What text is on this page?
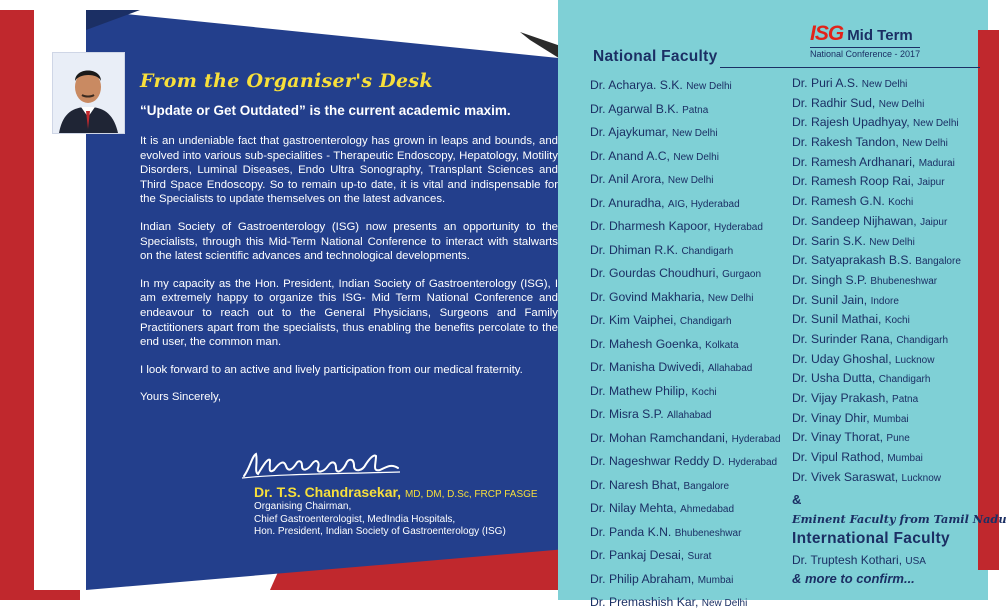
From the Organiser's Desk
“Update or Get Outdated” is the current academic maxim.

It is an undeniable fact that gastroenterology has grown in leaps and bounds, and evolved into various sub-specialities - Therapeutic Endoscopy, Hepatology, Motility Disorders, Luminal Diseases, Endo Ultra Sonography, Transplant Sciences and Third Space Endoscopy. So to remain up-to date, it is vital and indispensable for the Specialists to update themselves on the latest advances.

Indian Society of Gastroenterology (ISG) now presents an opportunity to the Specialists, through this Mid-Term National Conference to interact with stalwarts on the latest scientific advances and technological developments.

In my capacity as the Hon. President, Indian Society of Gastroenterology (ISG), I am extremely happy to organize this ISG- Mid Term National Conference and endeavour to reach out to the General Physicians, Surgeons and Family Practitioners apart from the specialists, thus enabling the benefits percolate to the end user, the common man.

I look forward to an active and lively participation from our medical fraternity.

Yours Sincerely,

Dr. T.S. Chandrasekar, MD, DM, D.Sc, FRCP FASGE
Organising Chairman,
Chief Gastroenterologist, MedIndia Hospitals,
Hon. President, Indian Society of Gastroenterology (ISG)
ISG Mid Term
National Conference - 2017
National Faculty
Dr. Acharya. S.K. New Delhi
Dr. Agarwal B.K. Patna
Dr. Ajaykumar, New Delhi
Dr. Anand A.C, New Delhi
Dr. Anil Arora, New Delhi
Dr. Anuradha, AIG, Hyderabad
Dr. Dharmesh Kapoor, Hyderabad
Dr. Dhiman R.K. Chandigarh
Dr. Gourdas Choudhuri, Gurgaon
Dr. Govind Makharia, New Delhi
Dr. Kim Vaiphei, Chandigarh
Dr. Mahesh Goenka, Kolkata
Dr. Manisha Dwivedi, Allahabad
Dr. Mathew Philip, Kochi
Dr. Misra S.P. Allahabad
Dr. Mohan Ramchandani, Hyderabad
Dr. Nageshwar Reddy D. Hyderabad
Dr. Naresh Bhat, Bangalore
Dr. Nilay Mehta, Ahmedabad
Dr. Panda K.N. Bhubeneshwar
Dr. Pankaj Desai, Surat
Dr. Philip Abraham, Mumbai
Dr. Premashish Kar, New Delhi
Dr. Puri A.S. New Delhi
Dr. Radhir Sud, New Delhi
Dr. Rajesh Upadhyay, New Delhi
Dr. Rakesh Tandon, New Delhi
Dr. Ramesh Ardhanari, Madurai
Dr. Ramesh Roop Rai, Jaipur
Dr. Ramesh G.N. Kochi
Dr. Sandeep Nijhawan, Jaipur
Dr. Sarin S.K. New Delhi
Dr. Satyaprakash B.S. Bangalore
Dr. Singh S.P. Bhubeneshwar
Dr. Sunil Jain, Indore
Dr. Sunil Mathai, Kochi
Dr. Surinder Rana, Chandigarh
Dr. Uday Ghoshal, Lucknow
Dr. Usha Dutta, Chandigarh
Dr. Vijay Prakash, Patna
Dr. Vinay Dhir, Mumbai
Dr. Vinay Thorat, Pune
Dr. Vipul Rathod, Mumbai
Dr. Vivek Saraswat, Lucknow
&
Eminent Faculty from Tamil Nadu
International Faculty
Dr. Truptesh Kothari, USA
& more to confirm...
